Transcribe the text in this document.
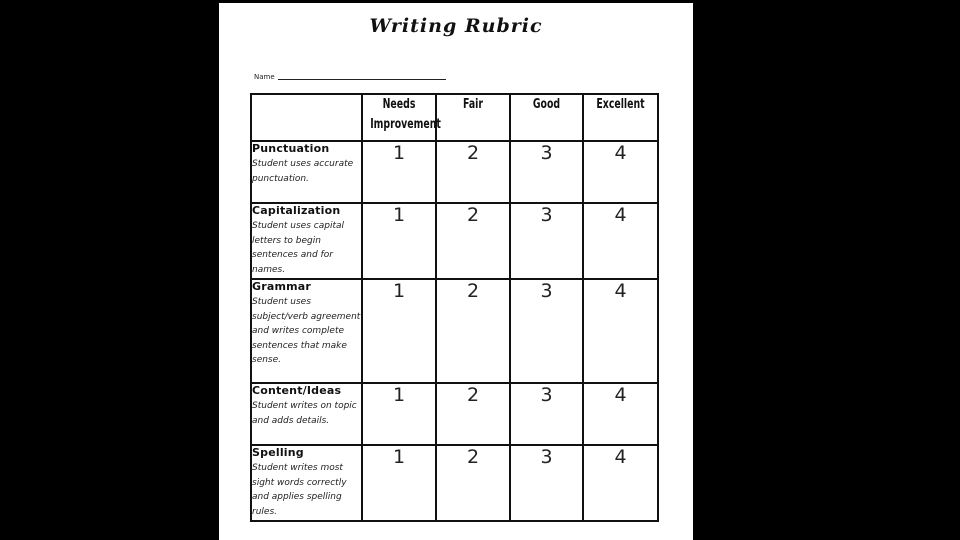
Writing Rubric
Name
	Needs Improvement	Fair	Good	Excellent

Punctuation
Student uses accurate punctuation.	1	2	3	4

Capitalization
Student uses capital letters to begin sentences and for names.	1	2	3	4

Grammar
Student uses subject/verb agreement and writes complete sentences that make sense.	1	2	3	4

Content/Ideas
Student writes on topic and adds details.	1	2	3	4

Spelling
Student writes most sight words correctly and applies spelling rules.	1	2	3	4
